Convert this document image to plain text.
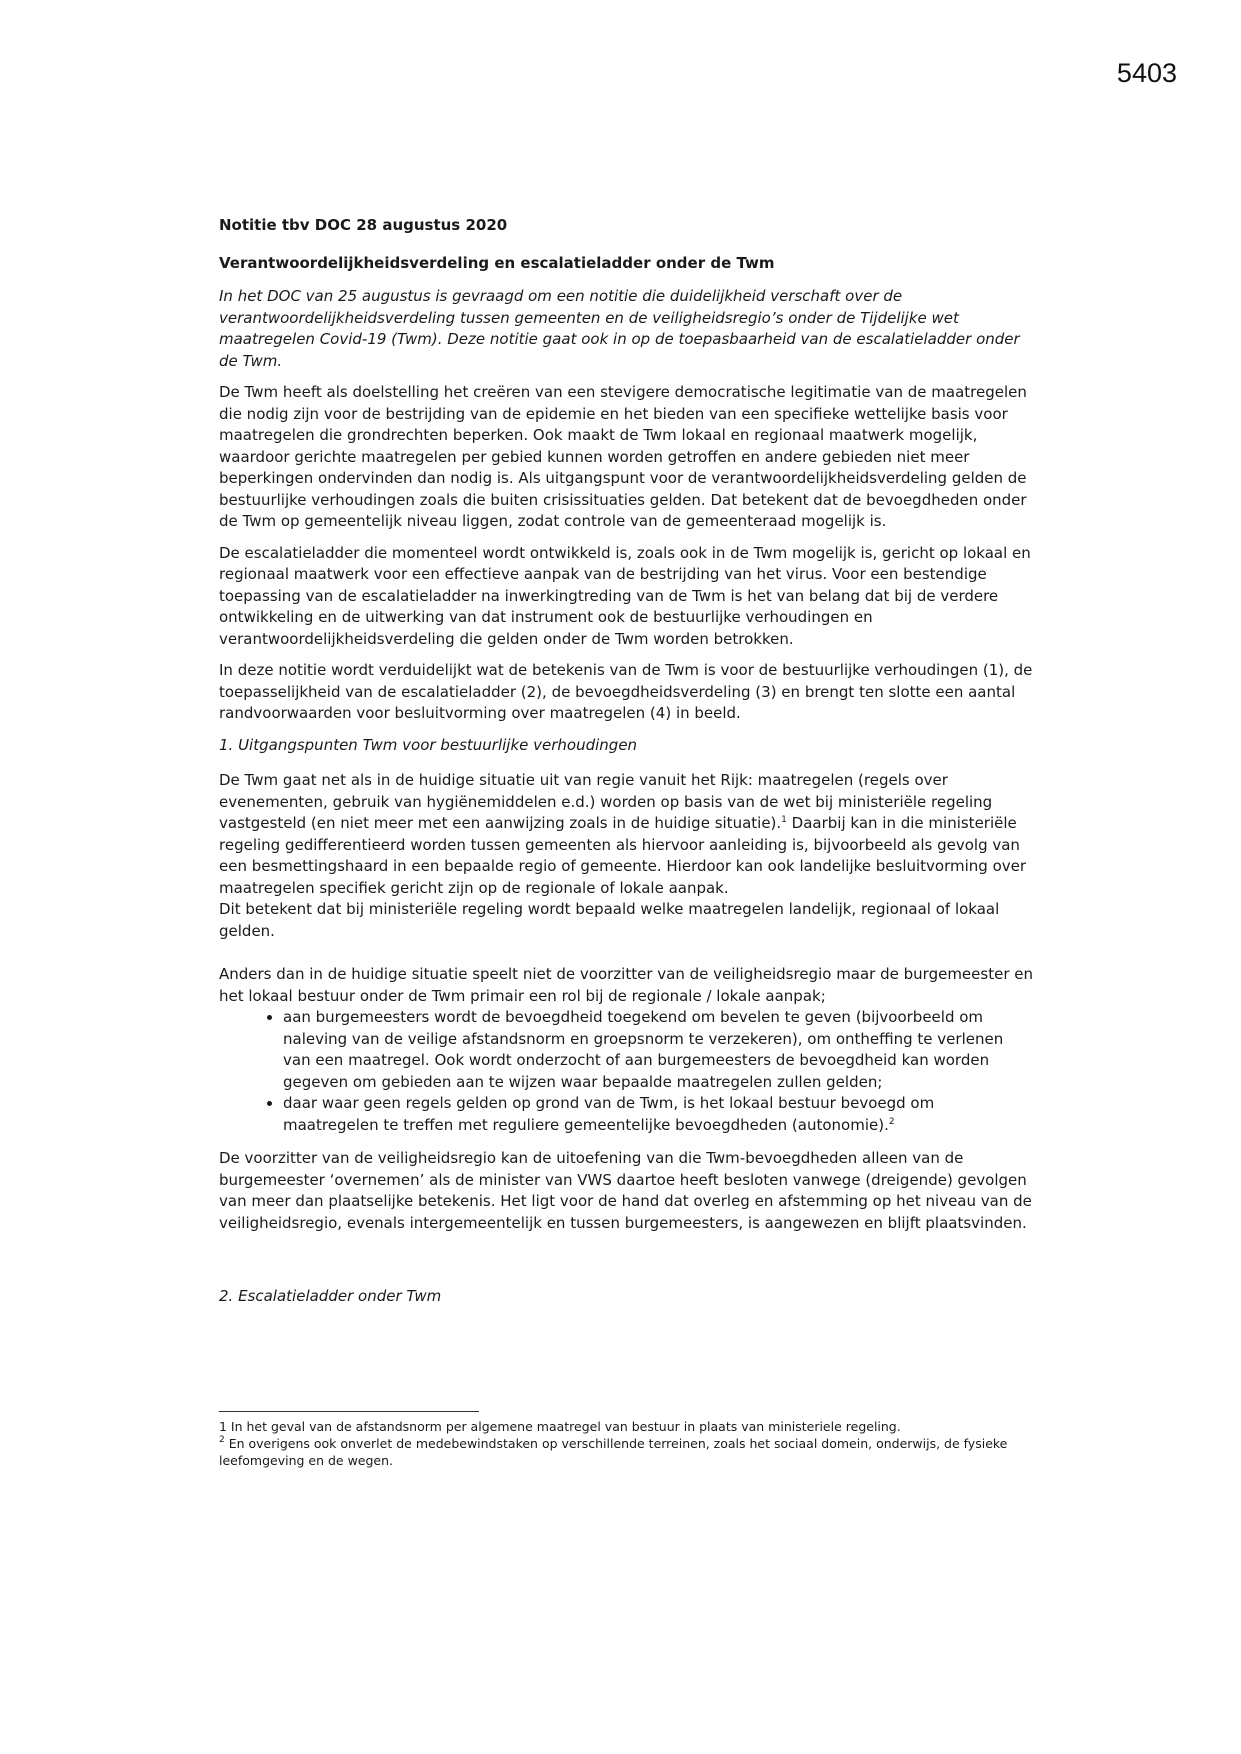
5403
Notitie tbv DOC 28 augustus 2020
Verantwoordelijkheidsverdeling en escalatieladder onder de Twm

In het DOC van 25 augustus is gevraagd om een notitie die duidelijkheid verschaft over de verantwoordelijkheidsverdeling tussen gemeenten en de veiligheidsregio’s onder de Tijdelijke wet maatregelen Covid-19 (Twm). Deze notitie gaat ook in op de toepasbaarheid van de escalatieladder onder de Twm.

De Twm heeft als doelstelling het creëren van een stevigere democratische legitimatie van de maatregelen die nodig zijn voor de bestrijding van de epidemie en het bieden van een specifieke wettelijke basis voor maatregelen die grondrechten beperken. Ook maakt de Twm lokaal en regionaal maatwerk mogelijk, waardoor gerichte maatregelen per gebied kunnen worden getroffen en andere gebieden niet meer beperkingen ondervinden dan nodig is. Als uitgangspunt voor de verantwoordelijkheidsverdeling gelden de bestuurlijke verhoudingen zoals die buiten crisissituaties gelden. Dat betekent dat de bevoegdheden onder de Twm op gemeentelijk niveau liggen, zodat controle van de gemeenteraad mogelijk is.

De escalatieladder die momenteel wordt ontwikkeld is, zoals ook in de Twm mogelijk is, gericht op lokaal en regionaal maatwerk voor een effectieve aanpak van de bestrijding van het virus. Voor een bestendige toepassing van de escalatieladder na inwerkingtreding van de Twm is het van belang dat bij de verdere ontwikkeling en de uitwerking van dat instrument ook de bestuurlijke verhoudingen en verantwoordelijkheidsverdeling die gelden onder de Twm worden betrokken.

In deze notitie wordt verduidelijkt wat de betekenis van de Twm is voor de bestuurlijke verhoudingen (1), de toepasselijkheid van de escalatieladder (2), de bevoegdheidsverdeling (3) en brengt ten slotte een aantal randvoorwaarden voor besluitvorming over maatregelen (4) in beeld.

1. Uitgangspunten Twm voor bestuurlijke verhoudingen

De Twm gaat net als in de huidige situatie uit van regie vanuit het Rijk: maatregelen (regels over evenementen, gebruik van hygiënemiddelen e.d.) worden op basis van de wet bij ministeriële regeling vastgesteld (en niet meer met een aanwijzing zoals in de huidige situatie).$^1$ Daarbij kan in die ministeriële regeling gedifferentieerd worden tussen gemeenten als hiervoor aanleiding is, bijvoorbeeld als gevolg van een besmettingshaard in een bepaalde regio of gemeente. Hierdoor kan ook landelijke besluitvorming over maatregelen specifiek gericht zijn op de regionale of lokale aanpak.

Dit betekent dat bij ministeriële regeling wordt bepaald welke maatregelen landelijk, regionaal of lokaal gelden.

Anders dan in de huidige situatie speelt niet de voorzitter van de veiligheidsregio maar de burgemeester en het lokaal bestuur onder de Twm primair een rol bij de regionale / lokale aanpak;

• aan burgemeesters wordt de bevoegdheid toegekend om bevelen te geven (bijvoorbeeld om naleving van de veilige afstandsnorm en groepsnorm te verzekeren), om ontheffing te verlenen van een maatregel. Ook wordt onderzocht of aan burgemeesters de bevoegdheid kan worden gegeven om gebieden aan te wijzen waar bepaalde maatregelen zullen gelden;
• daar waar geen regels gelden op grond van de Twm, is het lokaal bestuur bevoegd om maatregelen te treffen met reguliere gemeentelijke bevoegdheden (autonomie).$^2$

De voorzitter van de veiligheidsregio kan de uitoefening van die Twm-bevoegdheden alleen van de burgemeester ‘overnemen’ als de minister van VWS daartoe heeft besloten vanwege (dreigende) gevolgen van meer dan plaatselijke betekenis. Het ligt voor de hand dat overleg en afstemming op het niveau van de veiligheidsregio, evenals intergemeentelijk en tussen burgemeesters, is aangewezen en blijft plaatsvinden.

2. Escalatieladder onder Twm
1 In het geval van de afstandsnorm per algemene maatregel van bestuur in plaats van ministeriele regeling.
$^2$ En overigens ook onverlet de medebewindstaken op verschillende terreinen, zoals het sociaal domein, onderwijs, de fysieke leefomgeving en de wegen.
